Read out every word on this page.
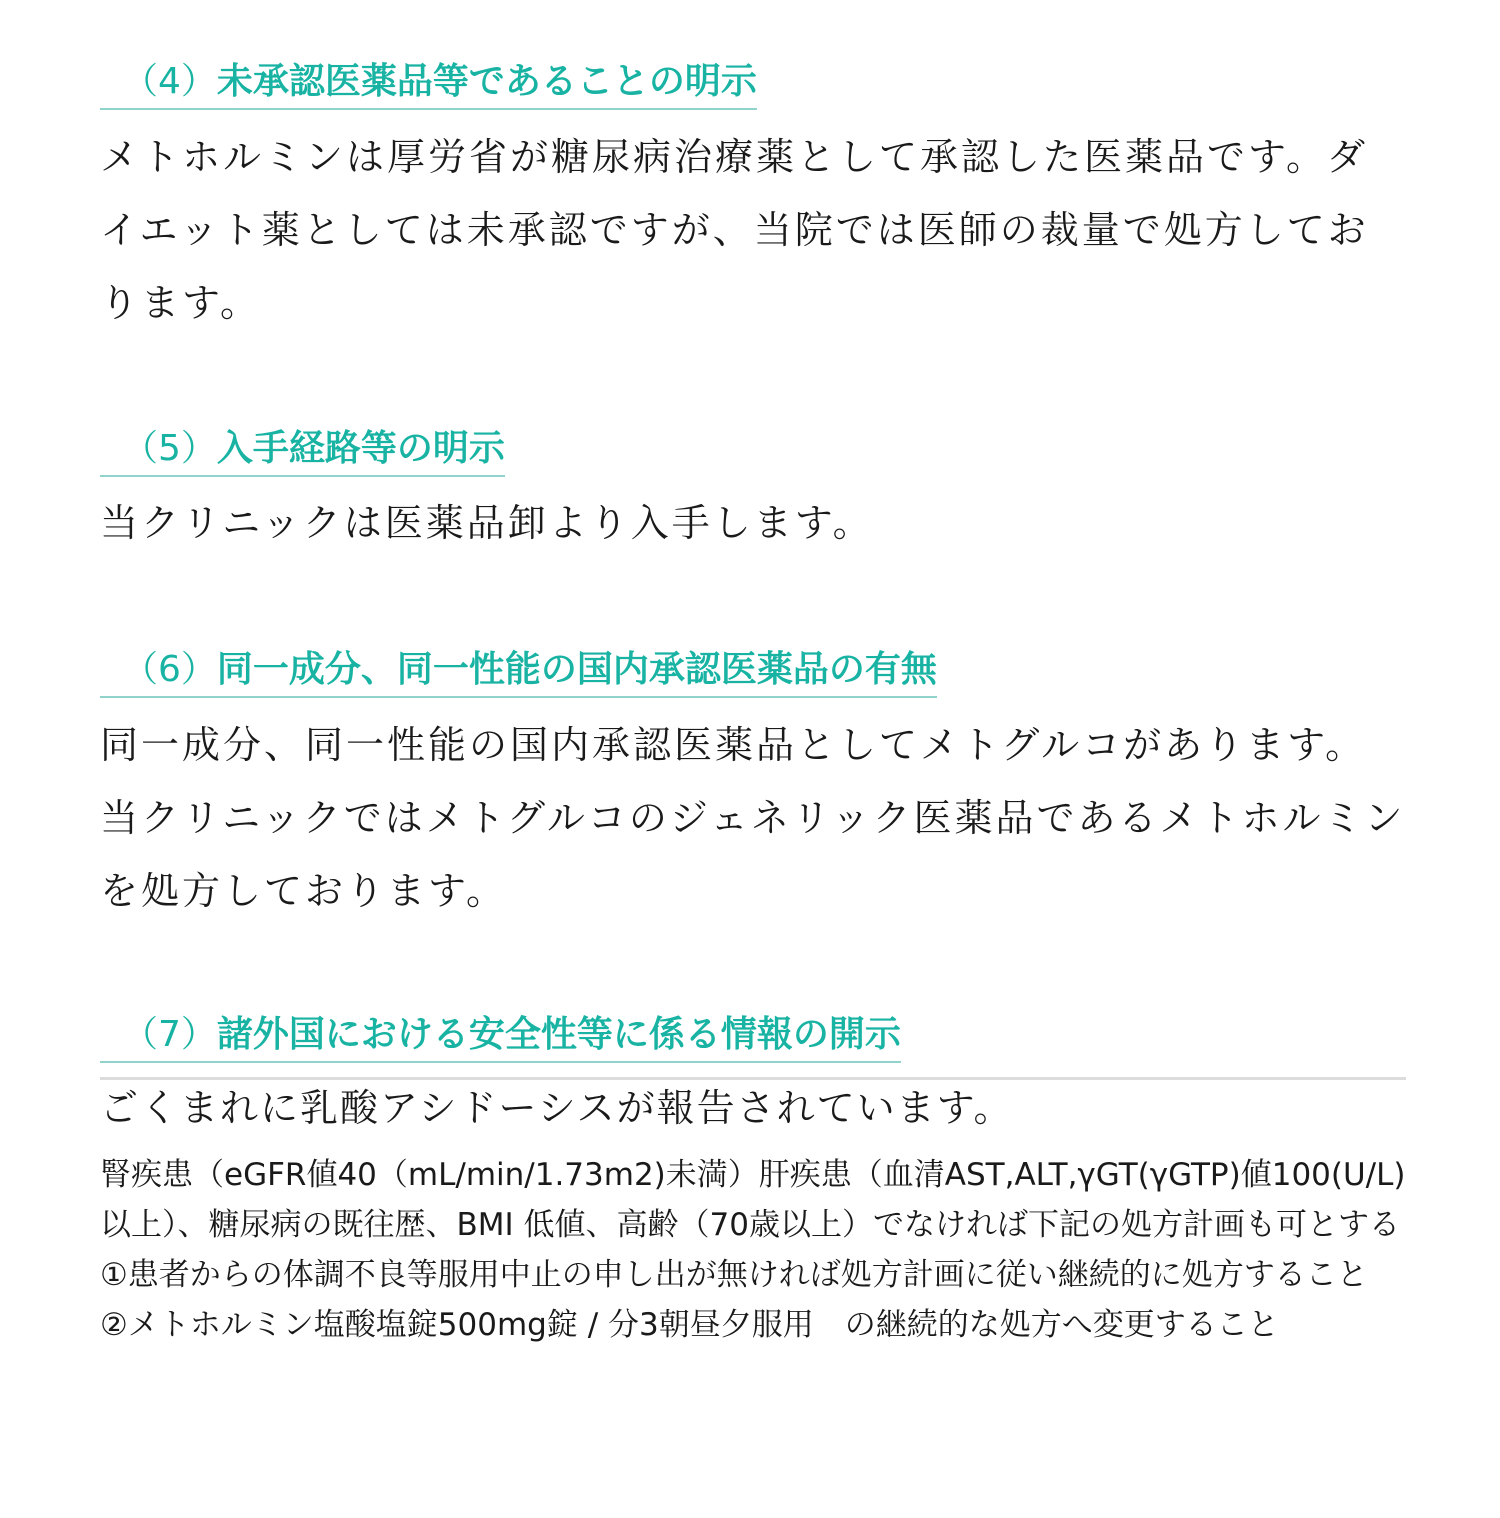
（4）未承認医薬品等であることの明示

メトホルミンは厚労省が糖尿病治療薬として承認した医薬品です。ダイエット薬としては未承認ですが、当院では医師の裁量で処方しております。

（5）入手経路等の明示

当クリニックは医薬品卸より入手します。

（6）同一成分、同一性能の国内承認医薬品の有無

同一成分、同一性能の国内承認医薬品としてメトグルコがあります。当クリニックではメトグルコのジェネリック医薬品であるメトホルミンを処方しております。

（7）諸外国における安全性等に係る情報の開示

ごくまれに乳酸アシドーシスが報告されています。

腎疾患（eGFR値40（mL/min/1.73m2)未満）肝疾患（血清AST,ALT,γGT(γGTP)値100(U/L)以上）、糖尿病の既往歴、BMI 低値、高齢（70歳以上）でなければ下記の処方計画も可とする
①患者からの体調不良等服用中止の申し出が無ければ処方計画に従い継続的に処方すること
②メトホルミン塩酸塩錠500mg錠 / 分3朝昼夕服用　の継続的な処方へ変更すること
